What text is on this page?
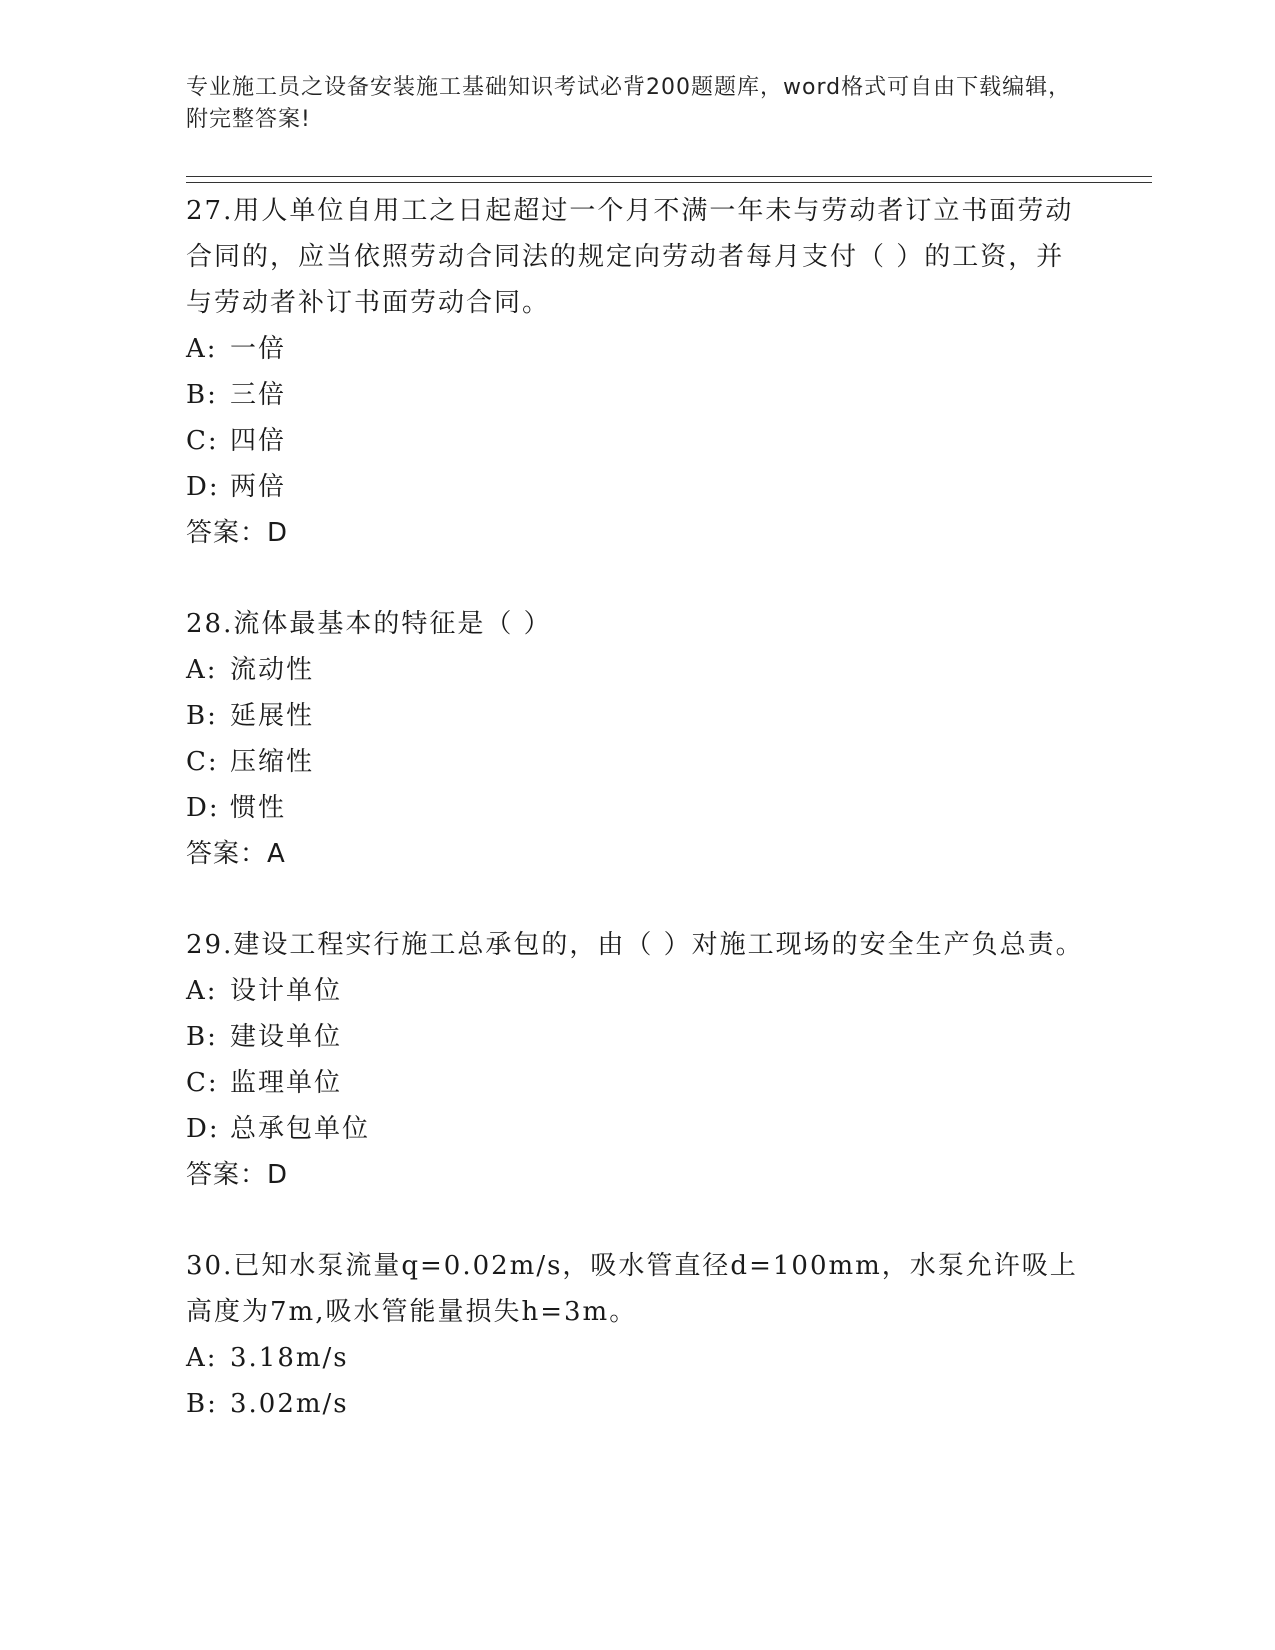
专业施工员之设备安装施工基础知识考试必背200题题库，word格式可自由下载编辑，附完整答案!

27.用人单位自用工之日起超过一个月不满一年未与劳动者订立书面劳动合同的，应当依照劳动合同法的规定向劳动者每月支付（ ）的工资，并与劳动者补订书面劳动合同。

A: 一倍
B: 三倍
C: 四倍
D: 两倍

答案：D

28.流体最基本的特征是（ ）

A: 流动性
B: 延展性
C: 压缩性
D: 惯性

答案：A

29.建设工程实行施工总承包的，由（ ）对施工现场的安全生产负总责。

A: 设计单位
B: 建设单位
C: 监理单位
D: 总承包单位

答案：D

30.已知水泵流量q=0.02m/s，吸水管直径d=100mm，水泵允许吸上高度为7m,吸水管能量损失h=3m。

A: 3.18m/s
B: 3.02m/s
